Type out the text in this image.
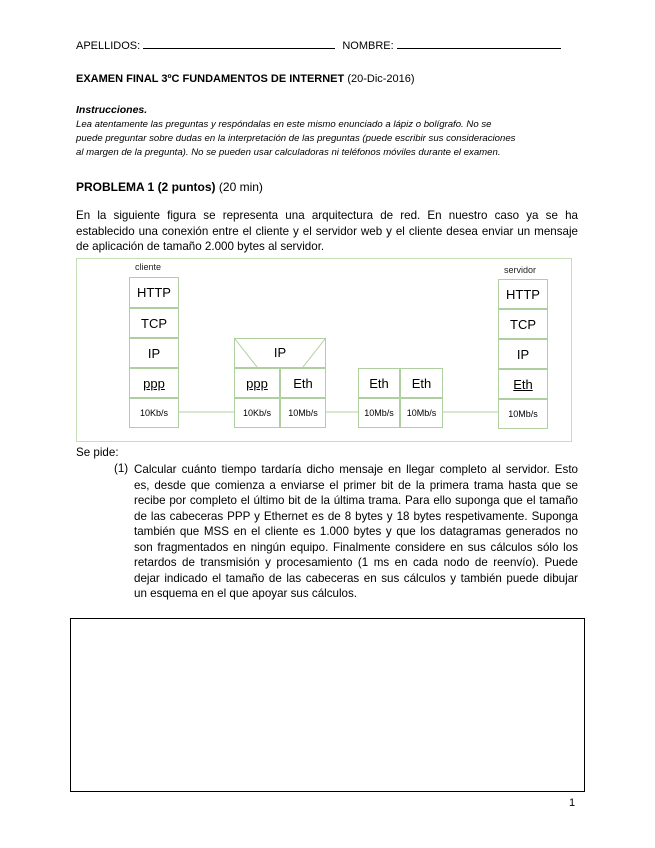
APELLIDOS:	NOMBRE:
EXAMEN FINAL 3ºC FUNDAMENTOS DE INTERNET (20-Dic-2016)
Instrucciones.
Lea atentamente las preguntas y respóndalas en este mismo enunciado a lápiz o bolígrafo. No se
puede preguntar sobre dudas en la interpretación de las preguntas (puede escribir sus consideraciones
al margen de la pregunta). No se pueden usar calculadoras ni teléfonos móviles durante el examen.
PROBLEMA 1 (2 puntos) (20 min)
En la siguiente figura se representa una arquitectura de red. En nuestro caso ya se ha
establecido una conexión entre el cliente y el servidor web y el cliente desea enviar un mensaje
de aplicación de tamaño 2.000 bytes al servidor.
cliente	servidor
HTTP
TCP
IP
ppp
10Kb/s
IP
ppp
10Kb/s
Eth
10Mb/s
Eth
10Mb/s
Eth
10Mb/s
HTTP
TCP
IP
Eth
10Mb/s
Se pide:
(1) Calcular cuánto tiempo tardaría dicho mensaje en llegar completo al servidor. Esto
es, desde que comienza a enviarse el primer bit de la primera trama hasta que se
recibe por completo el último bit de la última trama. Para ello suponga que el tamaño
de las cabeceras PPP y Ethernet es de 8 bytes y 18 bytes respetivamente. Suponga
también que MSS en el cliente es 1.000 bytes y que los datagramas generados no
son fragmentados en ningún equipo. Finalmente considere en sus cálculos sólo los
retardos de transmisión y procesamiento (1 ms en cada nodo de reenvío). Puede
dejar indicado el tamaño de las cabeceras en sus cálculos y también puede dibujar
un esquema en el que apoyar sus cálculos.
1
